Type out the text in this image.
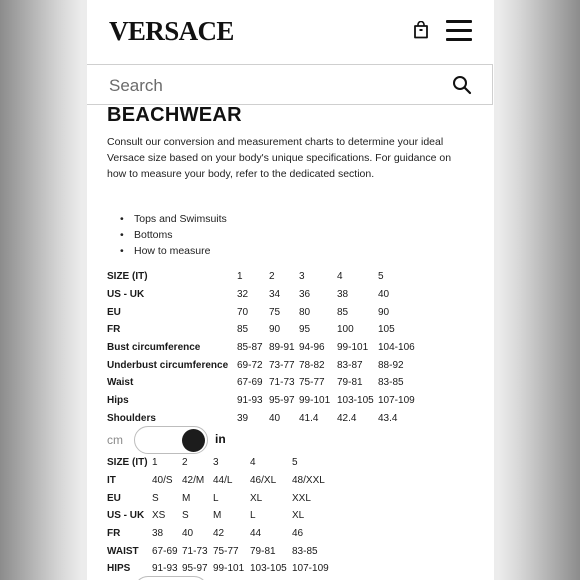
VERSACE
Search
BEACHWEAR

Consult our conversion and measurement charts to determine your ideal Versace size based on your body's unique specifications. For guidance on how to measure your body, refer to the dedicated section.

• Tops and Swimsuits
• Bottoms
• How to measure
SIZE (IT)	1	2	3	4	5
US - UK	32	34	36	38	40
EU	70	75	80	85	90
FR	85	90	95	100	105
Bust circumference	85-87	89-91	94-96	99-101	104-106
Underbust circumference	69-72	73-77	78-82	83-87	88-92
Waist	67-69	71-73	75-77	79-81	83-85
Hips	91-93	95-97	99-101	103-105	107-109
Shoulders	39	40	41.4	42.4	43.4
cm	in
SIZE (IT)	1	2	3	4	5
IT	40/S	42/M	44/L	46/XL	48/XXL
EU	S	M	L	XL	XXL
US - UK	XS	S	M	L	XL
FR	38	40	42	44	46
WAIST	67-69	71-73	75-77	79-81	83-85
HIPS	91-93	95-97	99-101	103-105	107-109
